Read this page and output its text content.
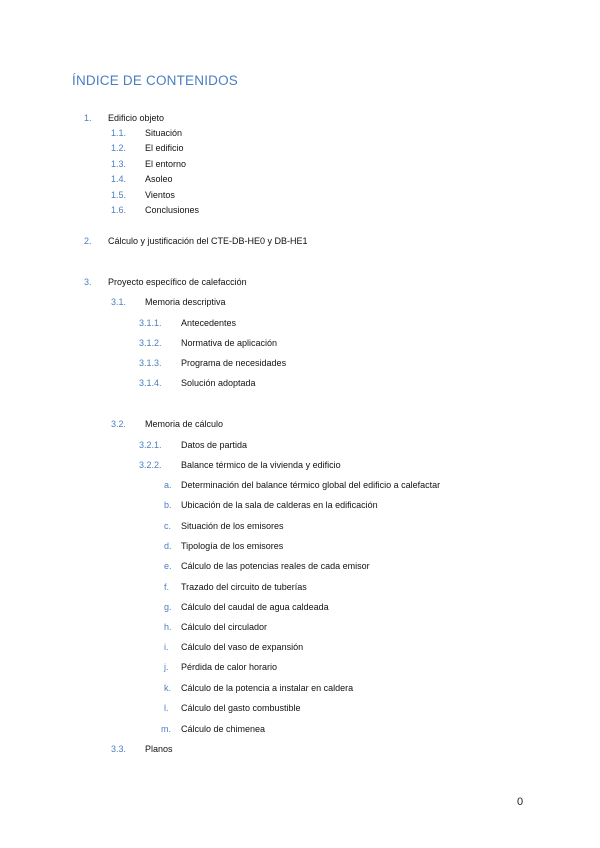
ÍNDICE DE CONTENIDOS
1. Edificio objeto
1.1. Situación
1.2. El edificio
1.3. El entorno
1.4. Asoleo
1.5. Vientos
1.6. Conclusiones
2. Cálculo y justificación del CTE-DB-HE0 y DB-HE1
3. Proyecto específico de calefacción
3.1. Memoria descriptiva
3.1.1. Antecedentes
3.1.2. Normativa de aplicación
3.1.3. Programa de necesidades
3.1.4. Solución adoptada
3.2. Memoria de cálculo
3.2.1. Datos de partida
3.2.2. Balance térmico de la vivienda y edificio
a. Determinación del balance térmico global del edificio a calefactar
b. Ubicación de la sala de calderas en la edificación
c. Situación de los emisores
d. Tipología de los emisores
e. Cálculo de las potencias reales de cada emisor
f. Trazado del circuito de tuberías
g. Cálculo del caudal de agua caldeada
h. Cálculo del circulador
i. Cálculo del vaso de expansión
j. Pérdida de calor horario
k. Cálculo de la potencia a instalar en caldera
l. Cálculo del gasto combustible
m. Cálculo de chimenea
3.3. Planos
0
